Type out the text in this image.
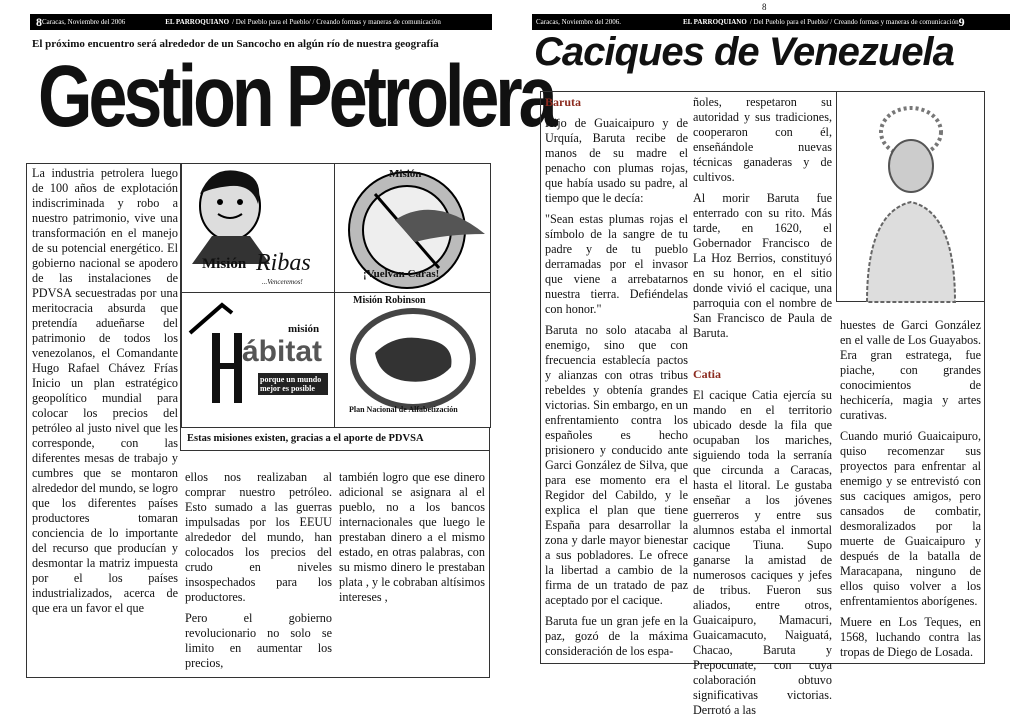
8
8 Caracas, Noviembre del 2006	EL PARROQUIANO / Del Pueblo para el Pueblo/ / Creando formas y maneras de comunicación	Caracas, Noviembre del 2006.	EL PARROQUIANO / Del Pueblo para el Pueblo/ / Creando formas y maneras de comunicación 9
El próximo encuentro será alrededor de un Sancocho en algún río de nuestra geografía
Gestion Petrolera
La industria petrolera luego de 100 años de explotación indiscriminada y robo a nuestro patrimonio, vive una transformación en el manejo de su potencial energético. El gobierno nacional se apodero de las instalaciones de PDVSA secuestradas por una meritocracia absurda que pretendía adueñarse del patrimonio de todos los venezolanos, el Comandante Hugo Rafael Chávez Frías Inicio un plan estratégico geopolítico mundial para colocar los precios del petróleo al justo nivel que les corresponde, con las diferentes mesas de trabajo y cumbres que se montaron alrededor del mundo, se logro que los diferentes países productores tomaran conciencia de lo importante del recurso que producían y desmontar la matriz impuesta por el los países industrializados, acerca de que era un favor el que

ellos nos realizaban al comprar nuestro petróleo. Esto sumado a las guerras impulsadas por los EEUU alrededor del mundo, han colocados los precios del crudo en niveles insospechados para los productores.

Pero el gobierno revolucionario no solo se limito en aumentar los precios,

también logro que ese dinero adicional se asignara al el pueblo, no a los bancos internacionales que luego le prestaban dinero a el mismo estado, en otras palabras, con su mismo dinero le prestaban plata , y le cobraban altísimos intereses ,
Misión Ribas
...Venceremos!
Misión
¡Vuelvan Caras!
misión
ábitat
porque un mundo mejor es posible
Misión Robinson
Plan Nacional de Alfabetización
Estas misiones existen, gracias a el aporte de PDVSA
Caciques de Venezuela

Baruta

Hijo de Guaicaipuro y de Urquía, Baruta recibe de manos de su madre el penacho con plumas rojas, que había usado su padre, al tiempo que le decía:

"Sean estas plumas rojas el símbolo de la sangre de tu padre y de tu pueblo derramadas por el invasor que viene a arrebatarnos nuestra tierra. Defiéndelas con honor."

Baruta no solo atacaba al enemigo, sino que con frecuencia establecía pactos y alianzas con otras tribus rebeldes y obtenía grandes victorias. Sin embargo, en un enfrentamiento contra los españoles es hecho prisionero y conducido ante Garci González de Silva, que para ese momento era el Regidor del Cabildo, y le explica el plan que tiene España para desarrollar la zona y darle mayor bienestar a sus pobladores. Le ofrece la libertad a cambio de la firma de un tratado de paz aceptado por el cacique.

Baruta fue un gran jefe en la paz, gozó de la máxima consideración de los espa-

ñoles, respetaron su autoridad y sus tradiciones, cooperaron con él, enseñándole nuevas técnicas ganaderas y de cultivos.

Al morir Baruta fue enterrado con su rito. Más tarde, en 1620, el Gobernador Francisco de La Hoz Berrios, constituyó en su honor, en el sitio donde vivió el cacique, una parroquia con el nombre de San Francisco de Paula de Baruta.

Catia

El cacique Catia ejercía su mando en el territorio ubicado desde la fila que ocupaban los mariches, siguiendo toda la serranía que circunda a Caracas, hasta el litoral. Le gustaba enseñar a los jóvenes guerreros y entre sus alumnos estaba el inmortal cacique Tiuna. Supo ganarse la amistad de numerosos caciques y jefes de tribus. Fueron sus aliados, entre otros, Guaicaipuro, Mamacuri, Guaicamacuto, Naiguatá, Chacao, Baruta y Prepocunate, con cuya colaboración obtuvo significativas victorias. Derrotó a las

huestes de Garci González en el valle de Los Guayabos. Era gran estratega, fue piache, con grandes conocimientos de hechicería, magia y artes curativas.

Cuando murió Guaicaipuro, quiso recomenzar sus proyectos para enfrentar al enemigo y se entrevistó con sus caciques amigos, pero cansados de combatir, desmoralizados por la muerte de Guaicaipuro y después de la batalla de Maracapana, ninguno de ellos quiso volver a los enfrentamientos aborígenes.

Muere en Los Teques, en 1568, luchando contra las tropas de Diego de Losada.
